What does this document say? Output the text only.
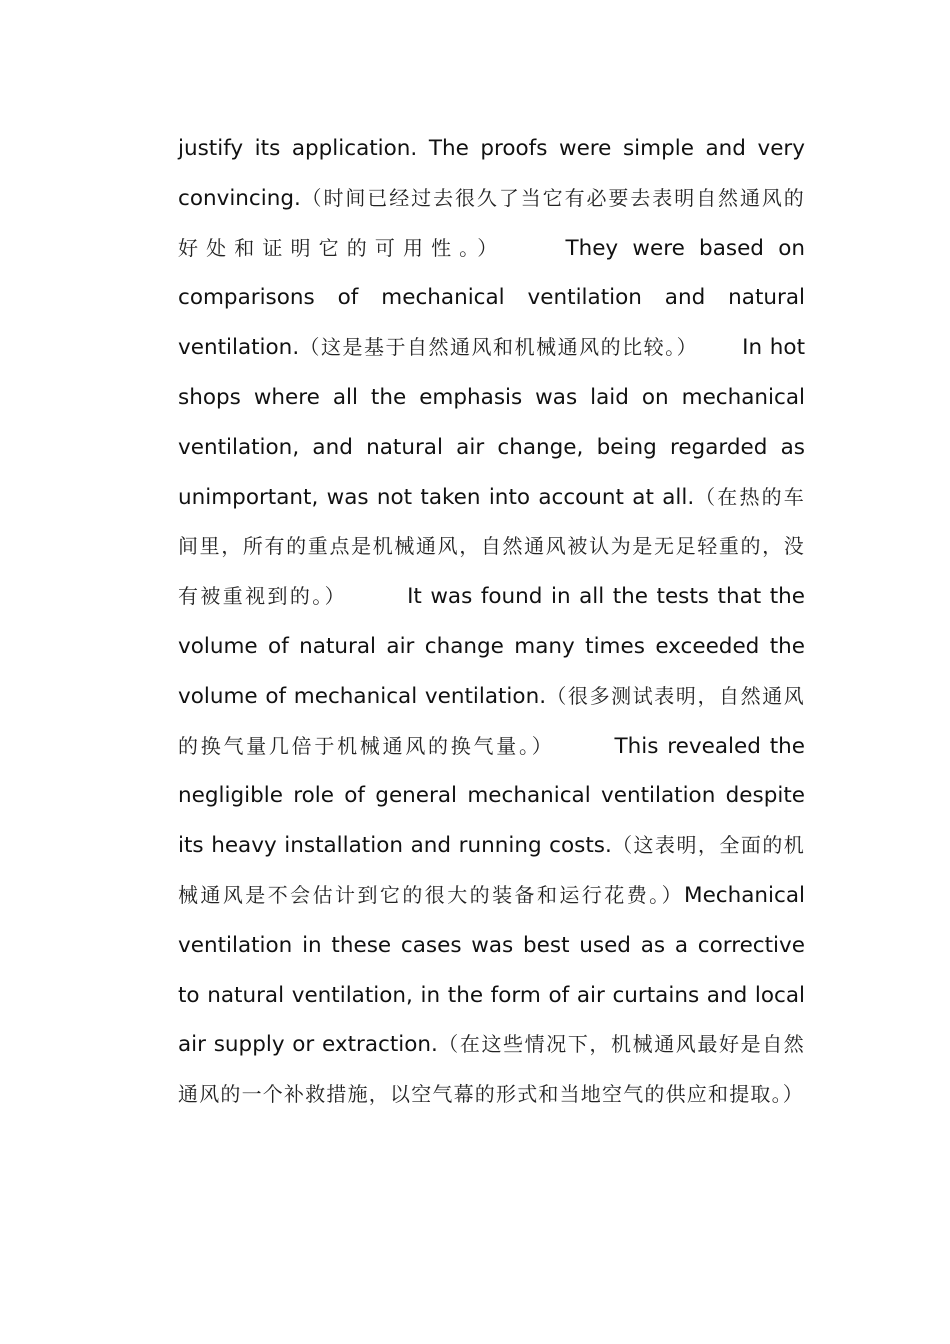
justify its application. The proofs were simple and very convincing.（时间已经过去很久了当它有必要去表明自然通风的好处和证明它的可用性。）	They were based on comparisons of mechanical ventilation and natural ventilation.（这是基于自然通风和机械通风的比较。） In hot shops where all the emphasis was laid on mechanical ventilation, and natural air change, being regarded as unimportant, was not taken into account at all.（在热的车间里，所有的重点是机械通风，自然通风被认为是无足轻重的，没有被重视到的。）	It was found in all the tests that the volume of natural air change many times exceeded the volume of mechanical ventilation.（很多测试表明，自然通风的换气量几倍于机械通风的换气量。）	This revealed the negligible role of general mechanical ventilation despite its heavy installation and running costs.（这表明，全面的机械通风是不会估计到它的很大的装备和运行花费。）Mechanical ventilation in these cases was best used as a corrective to natural ventilation, in the form of air curtains and local air supply or extraction.（在这些情况下，机械通风最好是自然通风的一个补救措施，以空气幕的形式和当地空气的供应和提取。）
